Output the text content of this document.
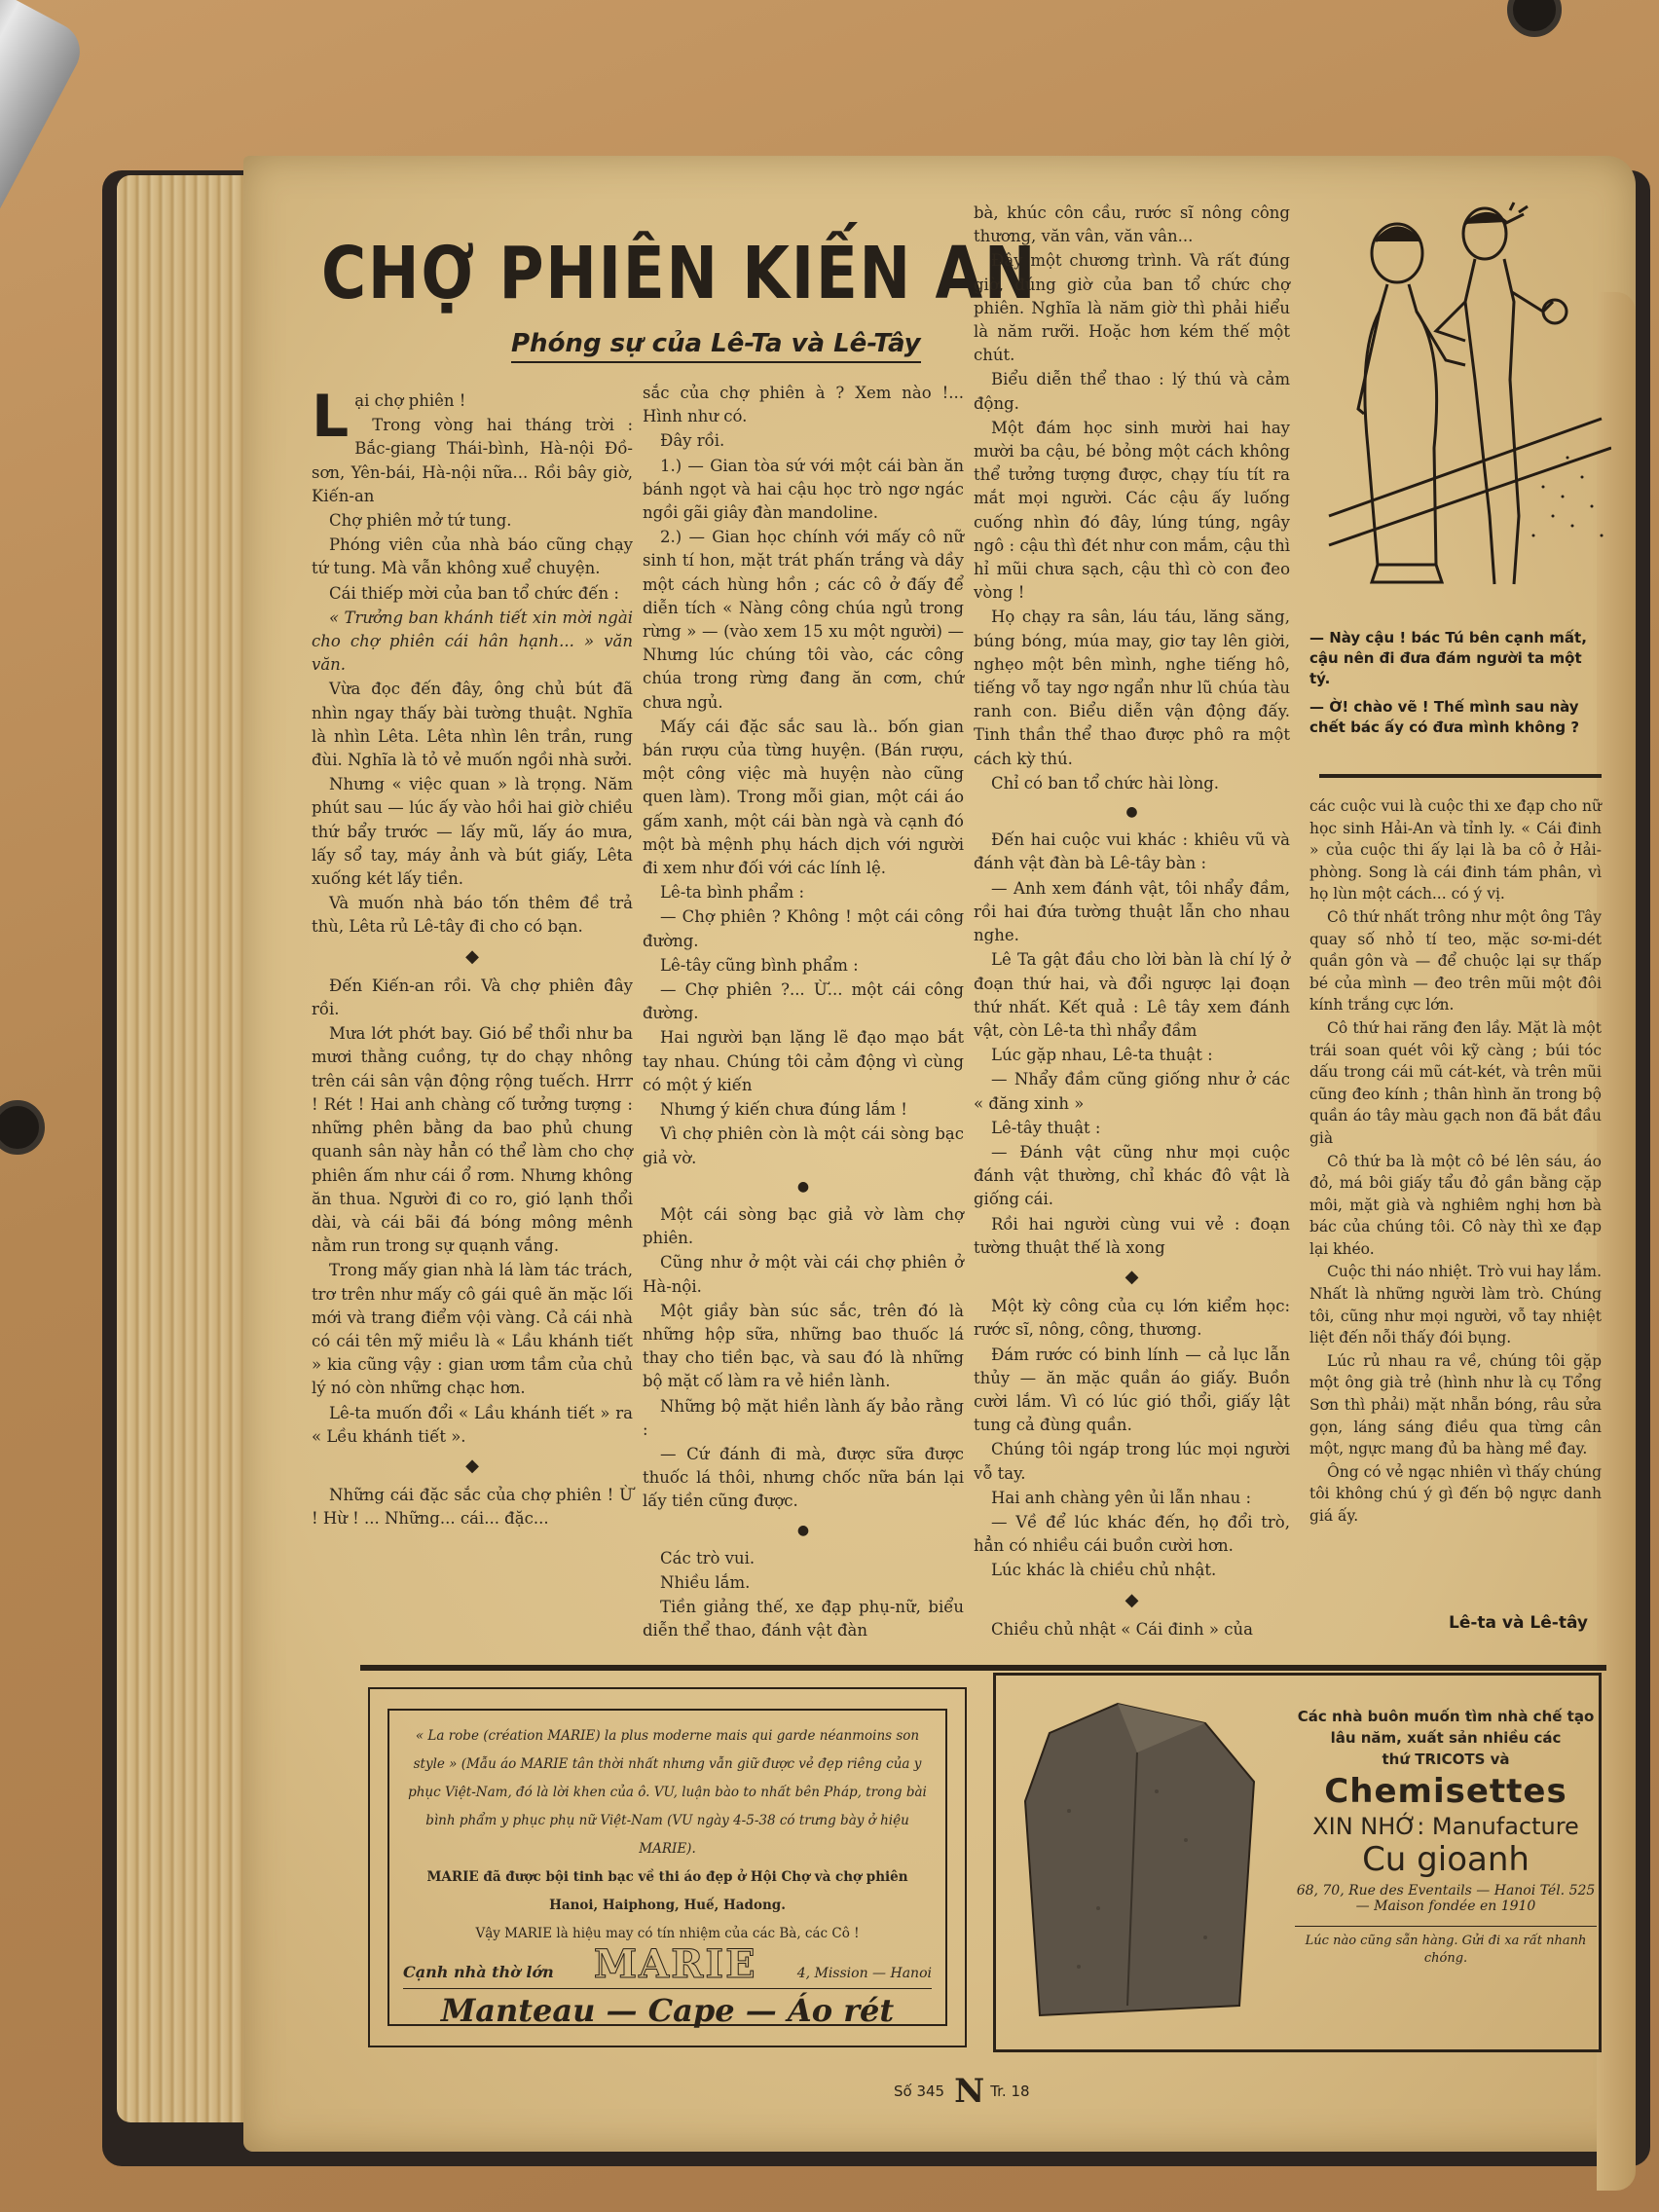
CHỢ PHIÊN KIẾN AN
Phóng sự của Lê-Ta và Lê-Tây

Lại chợ phiên !

Trong vòng hai tháng trời : Bắc-giang Thái-bình, Hà-nội Đồ-sơn, Yên-bái, Hà-nội nữa... Rồi bây giờ, Kiến-an

Chợ phiên mở tứ tung.

Phóng viên của nhà báo cũng chạy tứ tung. Mà vẫn không xuể chuyện.

Cái thiếp mời của ban tổ chức đến :

« Trưởng ban khánh tiết xin mời ngài cho chợ phiên cái hân hạnh... » văn văn.

Vừa đọc đến đây, ông chủ bút đã nhìn ngay thấy bài tường thuật. Nghĩa là nhìn Lêta. Lêta nhìn lên trần, rung đùi. Nghĩa là tỏ vẻ muốn ngồi nhà sưởi.

Nhưng « việc quan » là trọng. Năm phút sau — lúc ấy vào hồi hai giờ chiều thứ bẩy trước — lấy mũ, lấy áo mưa, lấy sổ tay, máy ảnh và bút giấy, Lêta xuống két lấy tiền.

Và muốn nhà báo tốn thêm đề trả thù, Lêta rủ Lê-tây đi cho có bạn.

◆

Đến Kiến-an rồi. Và chợ phiên đây rồi.

Mưa lớt phớt bay. Gió bể thổi như ba mươi thằng cuồng, tự do chạy nhông trên cái sân vận động rộng tuếch. Hrrr ! Rét ! Hai anh chàng cố tưởng tượng : những phên bằng da bao phủ chung quanh sân này hẳn có thể làm cho chợ phiên ấm như cái ổ rơm. Nhưng không ăn thua. Người đi co ro, gió lạnh thổi dài, và cái bãi đá bóng mông mênh nằm run trong sự quạnh vắng.

Trong mấy gian nhà lá làm tác trách, trơ trên như mấy cô gái quê ăn mặc lối mới và trang điểm vội vàng. Cả cái nhà có cái tên mỹ miều là « Lầu khánh tiết » kia cũng vậy : gian ươm tầm của chủ lý nó còn những chạc hơn.

Lê-ta muốn đổi « Lầu khánh tiết » ra « Lều khánh tiết ».

◆

Những cái đặc sắc của chợ phiên ! Ừ ! Hừ ! ... Những... cái... đặc...

sắc của chợ phiên à ? Xem nào !... Hình như có.

Đây rồi.

1.) — Gian tòa sứ với một cái bàn ăn bánh ngọt và hai cậu học trò ngơ ngác ngồi gãi giây đàn mandoline.

2.) — Gian học chính với mấy cô nữ sinh tí hon, mặt trát phấn trắng và dầy một cách hùng hồn ; các cô ở đấy để diễn tích « Nàng công chúa ngủ trong rừng » — (vào xem 15 xu một người) — Nhưng lúc chúng tôi vào, các công chúa trong rừng đang ăn cơm, chứ chưa ngủ.

Mấy cái đặc sắc sau là.. bốn gian bán rượu của từng huyện. (Bán rượu, một công việc mà huyện nào cũng quen làm). Trong mỗi gian, một cái áo gấm xanh, một cái bàn ngà và cạnh đó một bà mệnh phụ hách dịch với người đi xem như đối với các lính lệ.

Lê-ta bình phẩm :

— Chợ phiên ? Không ! một cái công đường.

Lê-tây cũng bình phẩm :

— Chợ phiên ?... Ừ... một cái công đường.

Hai người bạn lặng lẽ đạo mạo bắt tay nhau. Chúng tôi cảm động vì cùng có một ý kiến

Nhưng ý kiến chưa đúng lắm !

Vì chợ phiên còn là một cái sòng bạc giả vờ.

●

Một cái sòng bạc giả vờ làm chợ phiên.

Cũng như ở một vài cái chợ phiên ở Hà-nội.

Một giầy bàn súc sắc, trên đó là những hộp sữa, những bao thuốc lá thay cho tiền bạc, và sau đó là những bộ mặt cố làm ra vẻ hiền lành.

Những bộ mặt hiền lành ấy bảo rằng :

— Cứ đánh đi mà, được sữa được thuốc lá thôi, nhưng chốc nữa bán lại lấy tiền cũng được.

●

Các trò vui.

Nhiều lắm.

Tiền giảng thế, xe đạp phụ-nữ, biểu diễn thể thao, đánh vật đàn

bà, khúc côn cầu, rước sĩ nông công thương, văn vân, văn vân...

Đây một chương trình. Và rất đúng giờ, đúng giờ của ban tổ chức chợ phiên. Nghĩa là năm giờ thì phải hiểu là năm rưỡi. Hoặc hơn kém thế một chút.

Biểu diễn thể thao : lý thú và cảm động.

Một đám học sinh mười hai hay mười ba cậu, bé bỏng một cách không thể tưởng tượng được, chạy tíu tít ra mắt mọi người. Các cậu ấy luống cuống nhìn đó đây, lúng túng, ngây ngô : cậu thì đét như con mắm, cậu thì hỉ mũi chưa sạch, cậu thì cò con đeo vòng !

Họ chạy ra sân, láu táu, lăng săng, búng bóng, múa may, giơ tay lên giời, nghẹo một bên mình, nghe tiếng hô, tiếng vỗ tay ngơ ngẩn như lũ chúa tàu ranh con. Biểu diễn vận động đấy. Tinh thần thể thao được phô ra một cách kỳ thú.

Chỉ có ban tổ chức hài lòng.

●

Đến hai cuộc vui khác : khiêu vũ và đánh vật đàn bà Lê-tây bàn :

— Anh xem đánh vật, tôi nhẩy đầm, rồi hai đứa tường thuật lẫn cho nhau nghe.

Lê Ta gật đầu cho lời bàn là chí lý ở đoạn thứ hai, và đổi ngược lại đoạn thứ nhất. Kết quả : Lê tây xem đánh vật, còn Lê-ta thì nhẩy đầm

Lúc gặp nhau, Lê-ta thuật :

— Nhẩy đầm cũng giống như ở các « đăng xinh »

Lê-tây thuật :

— Đánh vật cũng như mọi cuộc đánh vật thường, chỉ khác đô vật là giống cái.

Rồi hai người cùng vui vẻ : đoạn tường thuật thế là xong

◆

Một kỳ công của cụ lớn kiểm học: rước sĩ, nông, công, thương.

Đám rước có binh lính — cả lục lẫn thủy — ăn mặc quần áo giấy. Buồn cười lắm. Vì có lúc gió thổi, giấy lật tung cả đùng quần.

Chúng tôi ngáp trong lúc mọi người vỗ tay.

Hai anh chàng yên ủi lẫn nhau :

— Về để lúc khác đến, họ đổi trò, hẳn có nhiều cái buồn cười hơn.

Lúc khác là chiều chủ nhật.

◆

Chiều chủ nhật « Cái đinh » của

— Này cậu ! bác Tú bên cạnh mất, cậu nên đi đưa đám người ta một tý.

— Ờ! chào vẽ ! Thế mình sau này chết bác ấy có đưa mình không ?

các cuộc vui là cuộc thi xe đạp cho nữ học sinh Hải-An và tỉnh ly. « Cái đinh » của cuộc thi ấy lại là ba cô ở Hải-phòng. Song là cái đinh tám phân, vì họ lùn một cách... có ý vị.

Cô thứ nhất trông như một ông Tây quay số nhỏ tí teo, mặc sơ-mi-dét quần gôn và — để chuộc lại sự thấp bé của mình — đeo trên mũi một đôi kính trắng cực lớn.

Cô thứ hai răng đen lầy. Mặt là một trái soan quét vôi kỹ càng ; búi tóc dấu trong cái mũ cát-két, và trên mũi cũng đeo kính ; thân hình ăn trong bộ quần áo tây màu gạch non đã bắt đầu già

Cô thứ ba là một cô bé lên sáu, áo đỏ, má bôi giấy tẩu đỏ gần bằng cặp môi, mặt già và nghiêm nghị hơn bà bác của chúng tôi. Cô này thì xe đạp lại khéo.

Cuộc thi náo nhiệt. Trò vui hay lắm. Nhất là những người làm trò. Chúng tôi, cũng như mọi người, vỗ tay nhiệt liệt đến nỗi thấy đói bụng.

Lúc rủ nhau ra về, chúng tôi gặp một ông già trẻ (hình như là cụ Tổng Sơn thì phải) mặt nhẵn bóng, râu sửa gọn, láng sáng điều qua từng cân một, ngực mang đủ ba hàng mề đay.

Ông có vẻ ngạc nhiên vì thấy chúng tôi không chú ý gì đến bộ ngực danh giá ấy.

Lê-ta và Lê-tây
« La robe (création MARIE) la plus moderne mais qui garde néanmoins son style » (Mẫu áo MARIE tân thời nhất nhưng vẫn giữ được vẻ đẹp riêng của y phục Việt-Nam, đó là lời khen của ô. VU, luận bào to nhất bên Pháp, trong bài bình phẩm y phục phụ nữ Việt-Nam (VU ngày 4-5-38 có trưng bày ở hiệu MARIE).
MARIE đã được bội tinh bạc về thi áo đẹp ở Hội Chợ và chợ phiên Hanoi, Haiphong, Huế, Hadong.
Vậy MARIE là hiệu may có tín nhiệm của các Bà, các Cô !
Cạnh nhà thờ lớn MARIE	4, Mission — Hanoi
Manteau — Cape — Áo rét
Các nhà buôn muốn tìm nhà chế tạo lâu năm, xuất sản nhiều các
thứ TRICOTS và
Chemisettes
XIN NHỚ: Manufacture
Cu gioanh
68, 70, Rue des Eventails — Hanoi Tél. 525 — Maison fondée en 1910
Lúc nào cũng sẵn hàng. Gửi đi xa rất nhanh chóng.
Số 345 N Tr. 18
